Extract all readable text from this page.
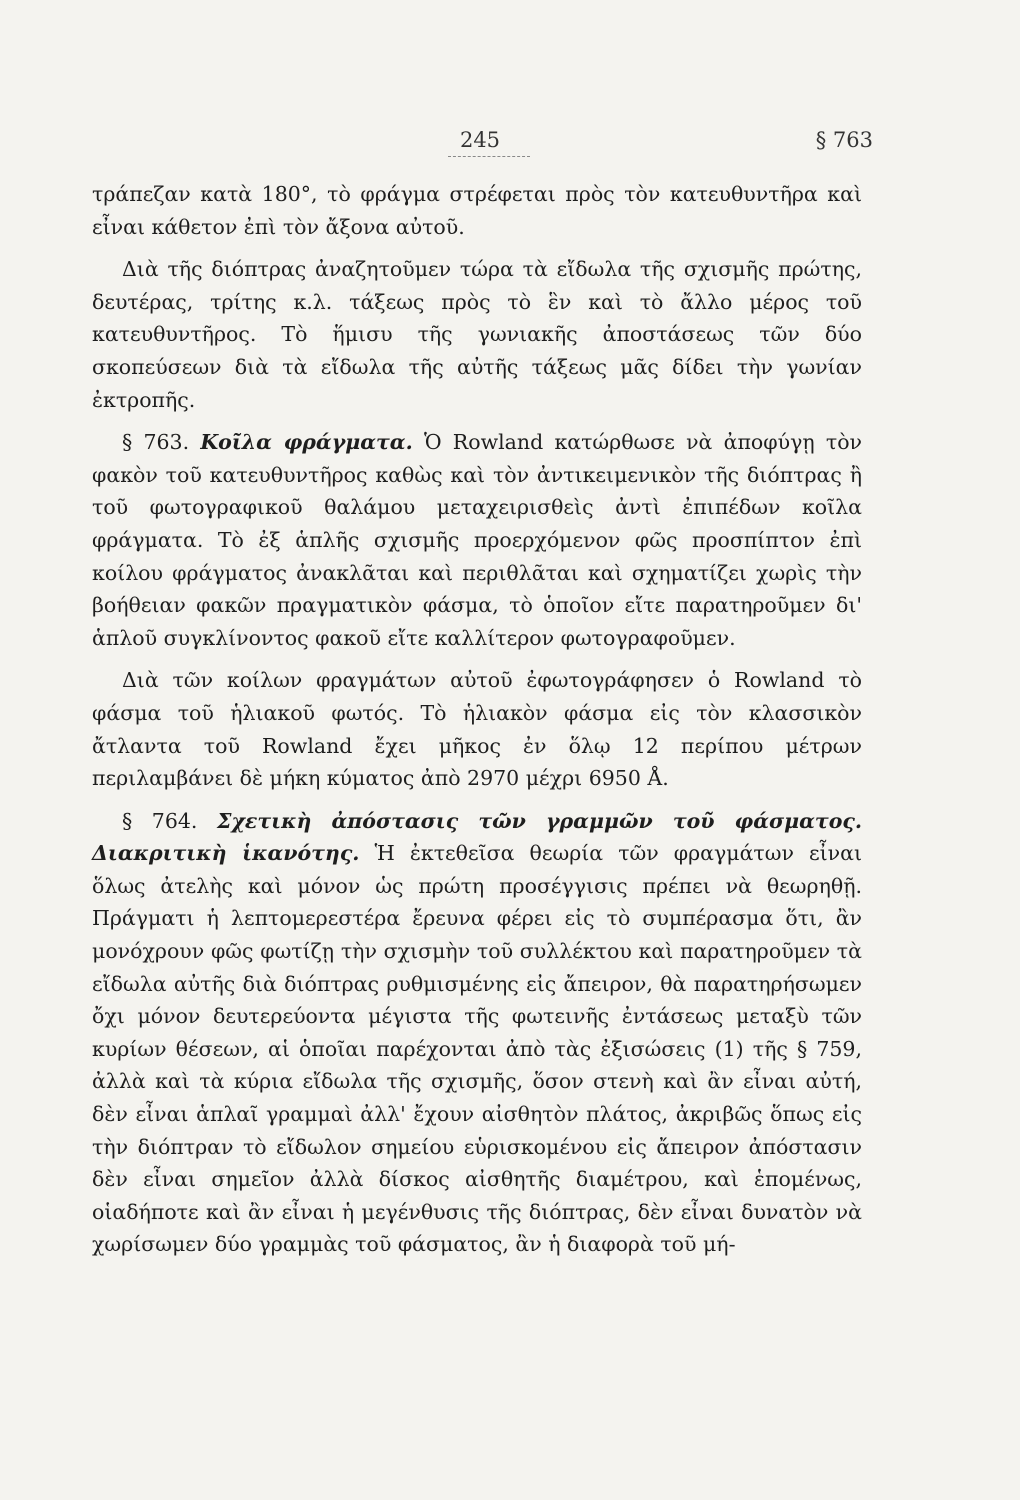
245	§ 763

τράπεζαν κατὰ 180°, τὸ φράγμα στρέφεται πρὸς τὸν κατευθυντῆρα καὶ εἶναι κάθετον ἐπὶ τὸν ἄξονα αὐτοῦ.

Διὰ τῆς διόπτρας ἀναζητοῦμεν τώρα τὰ εἴδωλα τῆς σχισμῆς πρώτης, δευτέρας, τρίτης κ.λ. τάξεως πρὸς τὸ ἓν καὶ τὸ ἄλλο μέρος τοῦ κατευθυντῆρος. Τὸ ἥμισυ τῆς γωνιακῆς ἀποστάσεως τῶν δύο σκοπεύσεων διὰ τὰ εἴδωλα τῆς αὐτῆς τάξεως μᾶς δίδει τὴν γωνίαν ἐκτροπῆς.

§ 763. Κοῖλα φράγματα. Ὁ Rowland κατώρθωσε νὰ ἀποφύγῃ τὸν φακὸν τοῦ κατευθυντῆρος καθὼς καὶ τὸν ἀντικειμενικὸν τῆς διόπτρας ἢ τοῦ φωτογραφικοῦ θαλάμου μεταχειρισθεὶς ἀντὶ ἐπιπέδων κοῖλα φράγματα. Τὸ ἐξ ἁπλῆς σχισμῆς προερχόμενον φῶς προσπίπτον ἐπὶ κοίλου φράγματος ἀνακλᾶται καὶ περιθλᾶται καὶ σχηματίζει χωρὶς τὴν βοήθειαν φακῶν πραγματικὸν φάσμα, τὸ ὁποῖον εἴτε παρατηροῦμεν δι' ἁπλοῦ συγκλίνοντος φακοῦ εἴτε καλλίτερον φωτογραφοῦμεν.

Διὰ τῶν κοίλων φραγμάτων αὐτοῦ ἐφωτογράφησεν ὁ Rowland τὸ φάσμα τοῦ ἡλιακοῦ φωτός. Τὸ ἡλιακὸν φάσμα εἰς τὸν κλασσικὸν ἄτλαντα τοῦ Rowland ἔχει μῆκος ἐν ὅλῳ 12 περίπου μέτρων περιλαμβάνει δὲ μήκη κύματος ἀπὸ 2970 μέχρι 6950 Å.

§ 764. Σχετικὴ ἀπόστασις τῶν γραμμῶν τοῦ φάσματος. Διακριτικὴ ἱκανότης. Ἡ ἐκτεθεῖσα θεωρία τῶν φραγμάτων εἶναι ὅλως ἀτελὴς καὶ μόνον ὡς πρώτη προσέγγισις πρέπει νὰ θεωρηθῇ. Πράγματι ἡ λεπτομερεστέρα ἔρευνα φέρει εἰς τὸ συμπέρασμα ὅτι, ἂν μονόχρουν φῶς φωτίζῃ τὴν σχισμὴν τοῦ συλλέκτου καὶ παρατηροῦμεν τὰ εἴδωλα αὐτῆς διὰ διόπτρας ρυθμισμένης εἰς ἄπειρον, θὰ παρατηρήσωμεν ὄχι μόνον δευτερεύοντα μέγιστα τῆς φωτεινῆς ἐντάσεως μεταξὺ τῶν κυρίων θέσεων, αἱ ὁποῖαι παρέχονται ἀπὸ τὰς ἐξισώσεις (1) τῆς § 759, ἀλλὰ καὶ τὰ κύρια εἴδωλα τῆς σχισμῆς, ὅσον στενὴ καὶ ἂν εἶναι αὐτή, δὲν εἶναι ἁπλαῖ γραμμαὶ ἀλλ' ἔχουν αἰσθητὸν πλάτος, ἀκριβῶς ὅπως εἰς τὴν διόπτραν τὸ εἴδωλον σημείου εὑρισκομένου εἰς ἄπειρον ἀπόστασιν δὲν εἶναι σημεῖον ἀλλὰ δίσκος αἰσθητῆς διαμέτρου, καὶ ἑπομένως, οἱαδήποτε καὶ ἂν εἶναι ἡ μεγένθυσις τῆς διόπτρας, δὲν εἶναι δυνατὸν νὰ χωρίσωμεν δύο γραμμὰς τοῦ φάσματος, ἂν ἡ διαφορὰ τοῦ μή-
